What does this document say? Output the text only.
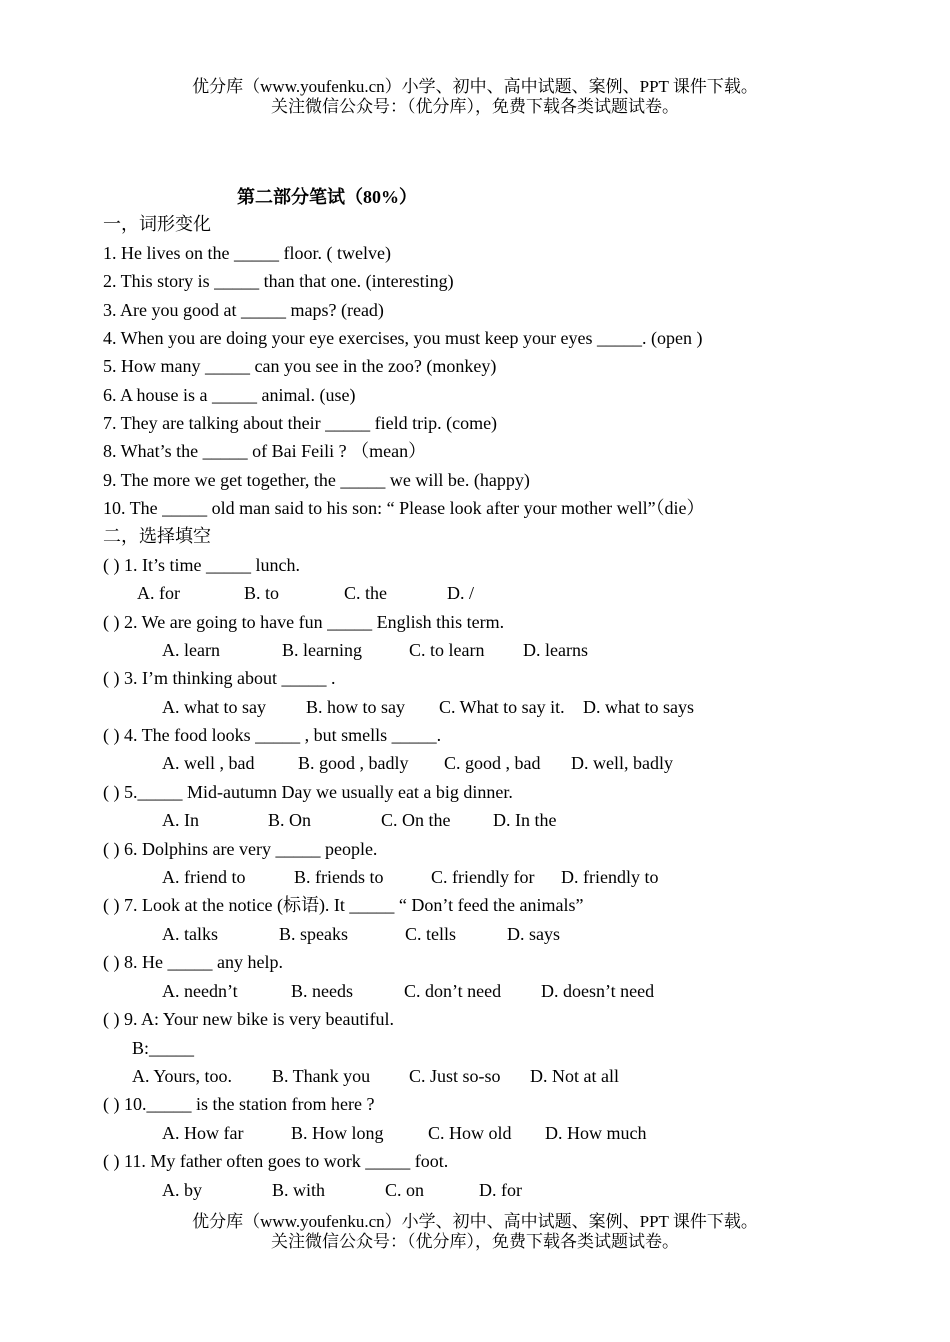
优分库（www.youfenku.cn）小学、初中、高中试题、案例、PPT 课件下载。
关注微信公众号：（优分库），免费下载各类试题试卷。
第二部分笔试（80%）
一，词形变化
1. He lives on the _____ floor. ( twelve)
2. This story is _____ than that one. (interesting)
3. Are you good at _____ maps? (read)
4. When you are doing your eye exercises, you must keep your eyes _____. (open )
5. How many _____ can you see in the zoo? (monkey)
6. A house is a _____ animal. (use)
7. They are talking about their _____ field trip. (come)
8. What’s the _____ of Bai Feili ? （mean）
9. The more we get together, the _____ we will be. (happy)
10. The _____ old man said to his son: “ Please look after your mother well”（die）
二，选择填空
( ) 1. It’s time _____ lunch.
A. for	B. to	C. the	D. /
( ) 2. We are going to have fun _____ English this term.
A. learn	B. learning	C. to learn D. learns
( ) 3. I’m thinking about _____ .
A. what to say B. how to say C. What to say it. D. what to says
( ) 4. The food looks _____ , but smells _____.
A. well , bad B. good , badly C. good , bad D. well, badly
( ) 5._____ Mid-autumn Day we usually eat a big dinner.
A. In	B. On	C. On the D. In the
( ) 6. Dolphins are very _____ people.
A. friend to	B. friends to	C. friendly for D. friendly to
( ) 7. Look at the notice (标语). It _____ “ Don’t feed the animals”
A. talks	B. speaks	C. tells	D. says
( ) 8. He _____ any help.
A. needn’t	B. needs	C. don’t need D. doesn’t need
( ) 9. A: Your new bike is very beautiful.
B:_____
A. Yours, too. B. Thank you C. Just so-so D. Not at all
( ) 10._____ is the station from here ?
A. How far	B. How long C. How old D. How much
( ) 11. My father often goes to work _____ foot.
A. by	B. with	C. on	D. for
优分库（www.youfenku.cn）小学、初中、高中试题、案例、PPT 课件下载。
关注微信公众号：（优分库），免费下载各类试题试卷。
